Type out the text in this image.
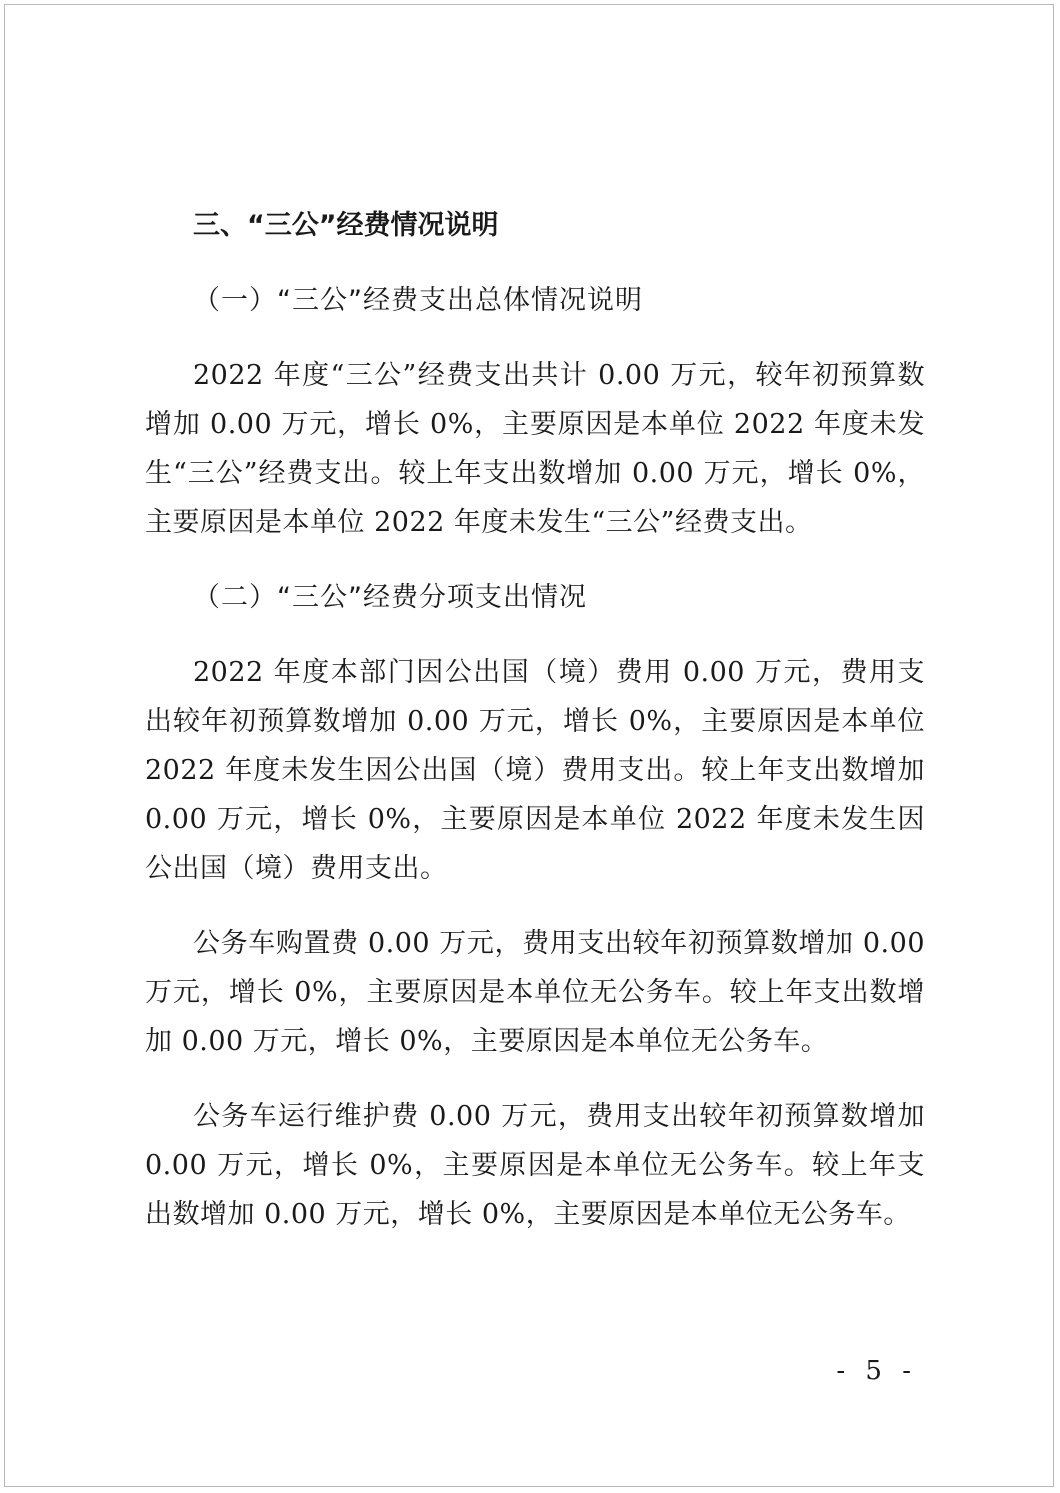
三、“三公”经费情况说明
（一）“三公”经费支出总体情况说明

2022 年度“三公”经费支出共计 0.00 万元，较年初预算数增加 0.00 万元，增长 0%，主要原因是本单位 2022 年度未发生“三公”经费支出。较上年支出数增加 0.00 万元，增长 0%，主要原因是本单位 2022 年度未发生“三公”经费支出。

（二）“三公”经费分项支出情况

2022 年度本部门因公出国（境）费用 0.00 万元，费用支出较年初预算数增加 0.00 万元，增长 0%，主要原因是本单位 2022 年度未发生因公出国（境）费用支出。较上年支出数增加 0.00 万元，增长 0%，主要原因是本单位 2022 年度未发生因公出国（境）费用支出。

公务车购置费 0.00 万元，费用支出较年初预算数增加 0.00 万元，增长 0%，主要原因是本单位无公务车。较上年支出数增加 0.00 万元，增长 0%，主要原因是本单位无公务车。

公务车运行维护费 0.00 万元，费用支出较年初预算数增加 0.00 万元，增长 0%，主要原因是本单位无公务车。较上年支出数增加 0.00 万元，增长 0%，主要原因是本单位无公务车。

- 5 -
